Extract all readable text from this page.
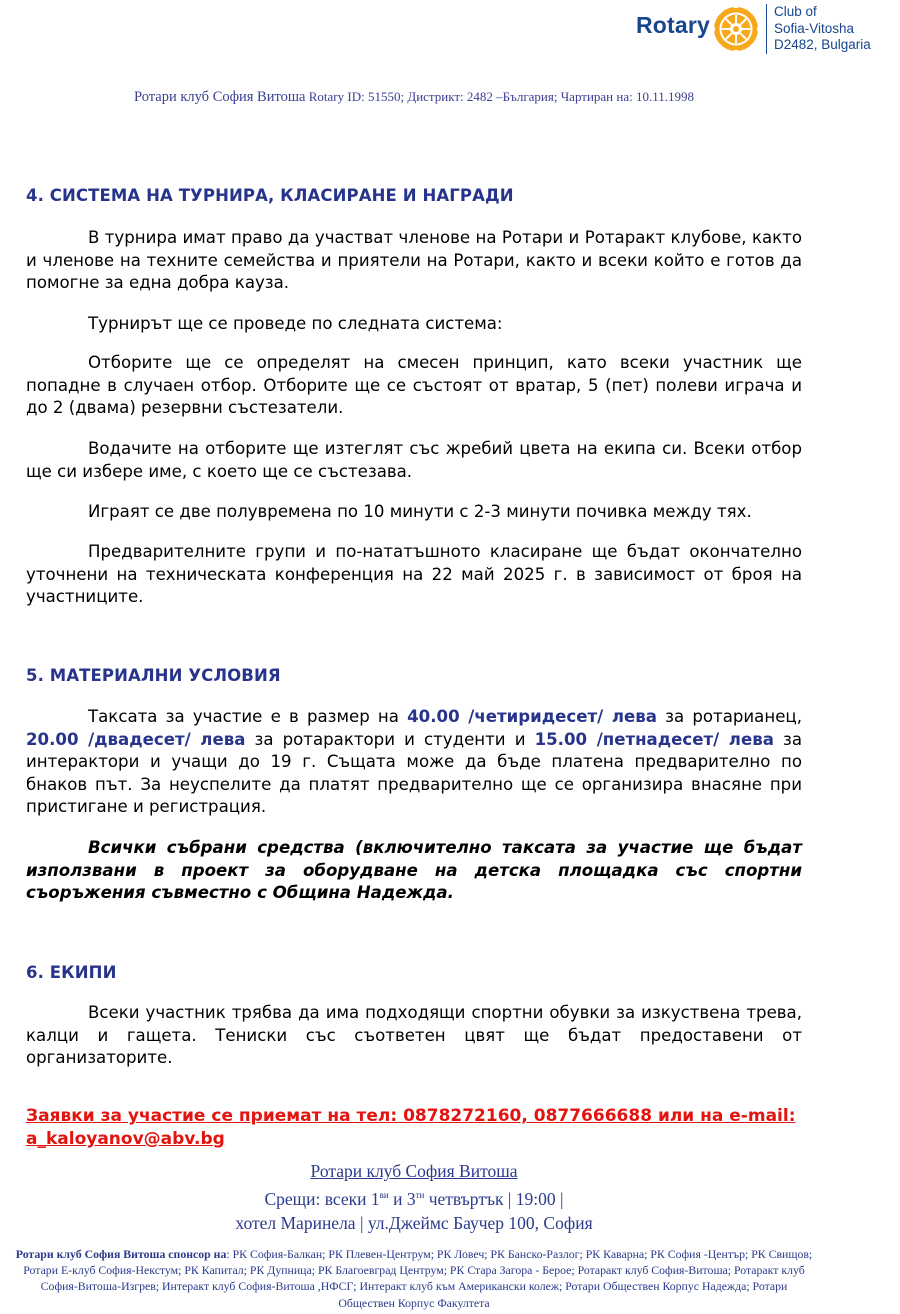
Rotary
Club of
Sofia-Vitosha
D2482, Bulgaria
Ротари клуб София Витоша Rotary ID: 51550; Дистрикт: 2482 –България; Чартиран на: 10.11.1998
4. СИСТЕМА НА ТУРНИРА, КЛАСИРАНЕ И НАГРАДИ
В турнира имат право да участват членове на Ротари и Ротаракт клубове, както и членове на техните семейства и приятели на Ротари, както и всеки който е готов да помогне за една добра кауза.
Турнирът ще се проведе по следната система:
Отборите ще се определят на смесен принцип, като всеки участник ще попадне в случаен отбор. Отборите ще се състоят от вратар, 5 (пет) полеви играча и до 2 (двама) резервни състезатели.
Водачите на отборите ще изтеглят със жребий цвета на екипа си. Всеки отбор ще си избере име, с което ще се състезава.
Играят се две полувремена по 10 минути с 2-3 минути почивка между тях.
Предварителните групи и по-нататъшното класиране ще бъдат окончателно уточнени на техническата конференция на 22 май 2025 г. в зависимост от броя на участниците.
5. МАТЕРИАЛНИ УСЛОВИЯ
Таксата за участие е в размер на 40.00 /четиридесет/ лева за ротарианец, 20.00 /двадесет/ лева за ротарактори и студенти и 15.00 /петнадесет/ лева за интерактори и учащи до 19 г. Същата може да бъде платена предварително по бнаков път. За неуспелите да платят предварително ще се организира внасяне при пристигане и регистрация.
Всички събрани средства (включително таксата за участие ще бъдат използвани в проект за оборудване на детска площадка със спортни съоръжения съвместно с Община Надежда.
6. ЕКИПИ
Всеки участник трябва да има подходящи спортни обувки за изкуствена трева, калци и гащета. Тениски със съответен цвят ще бъдат предоставени от организаторите.
Заявки за участие се приемат на тел: 0878272160, 0877666688 или на e-mail: a_kaloyanov@abv.bg
Ротари клуб София Витоша
Срещи: всеки $1^{ви}$ и $3^{ти}$ четвъртък | 19:00 |
хотел Маринела | ул.Джеймс Баучер 100, София
Ротари клуб София Витоша спонсор на: РК София-Балкан; РК Плевен-Центрум; РК Ловеч; РК Банско-Разлог; РК Каварна; РК София -Център; РК Свищов; Ротари Е-клуб София-Некстум; РК Капитал; РК Дупница; РК Благоевград Центрум; РК Стара Загора - Берое; Ротаракт клуб София-Витоша; Ротаракт клуб София-Витоша-Изгрев; Интеракт клуб София-Витоша ,НФСГ; Интеракт клуб към Американски колеж; Ротари Обществен Корпус Надежда; Ротари Обществен Корпус Факултета
